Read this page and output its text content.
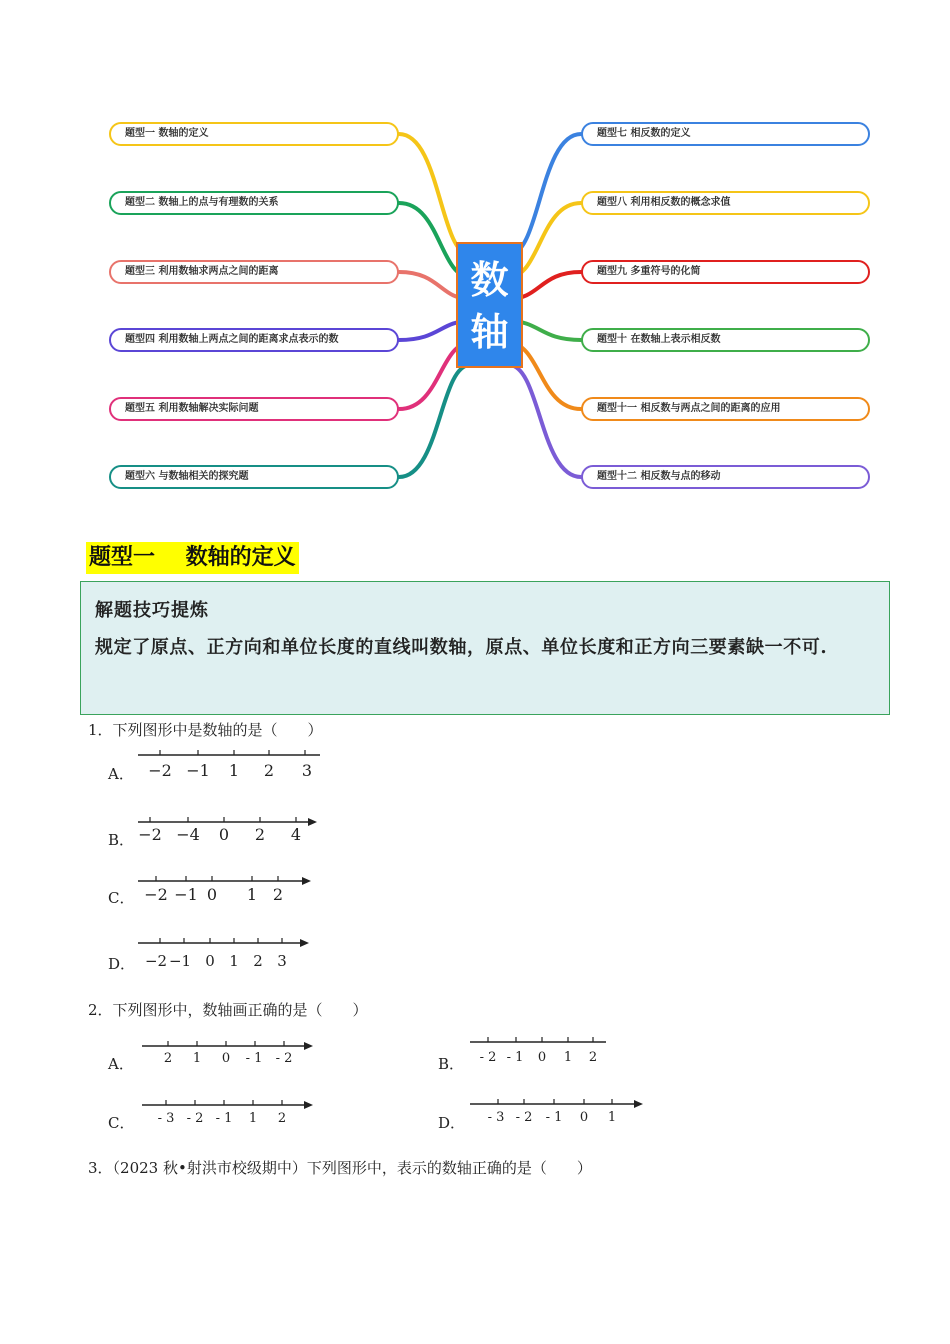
题型一 数轴的定义
题型二 数轴上的点与有理数的关系
题型三 利用数轴求两点之间的距离
题型四 利用数轴上两点之间的距离求点表示的数
题型五 利用数轴解决实际问题
题型六 与数轴相关的探究题
题型七 相反数的定义
题型八 利用相反数的概念求值
题型九 多重符号的化简
题型十 在数轴上表示相反数
题型十一 相反数与两点之间的距离的应用
题型十二 相反数与点的移动
数
轴
题型一    数轴的定义
解题技巧提炼
规定了原点、正方向和单位长度的直线叫数轴，原点、单位长度和正方向三要素缺一不可.
1．下列图形中是数轴的是（　　）
A． −2 −1 1 2 3
B． −2 −4 0 2 4
C． −2 −1 0 1 2
D． −2 −1 0 1 2 3
2．下列图形中，数轴画正确的是（　　）
A． 2 1 0 - 1 - 2	B． - 2 - 1 0 1 2
C． - 3 - 2 - 1 1 2	D． - 3 - 2 - 1 0 1
3．（2023 秋•射洪市校级期中）下列图形中，表示的数轴正确的是（　　）
